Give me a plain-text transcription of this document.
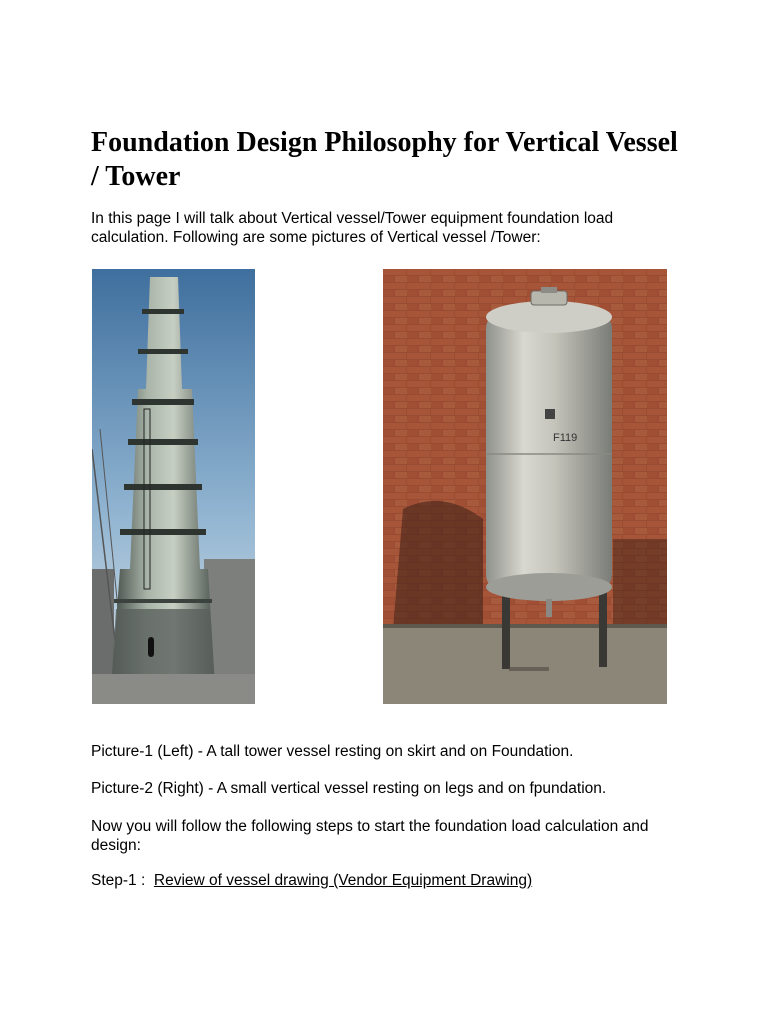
Foundation Design Philosophy for Vertical Vessel / Tower

In this page I will talk about Vertical vessel/Tower equipment foundation load calculation. Following are some pictures of Vertical vessel /Tower:

F119

Picture-1 (Left) - A tall tower vessel resting on skirt and on Foundation.

Picture-2 (Right) - A small vertical vessel resting on legs and on fpundation.

Now you will follow the following steps to start the foundation load calculation and design:

Step-1 :  Review of vessel drawing (Vendor Equipment Drawing)
